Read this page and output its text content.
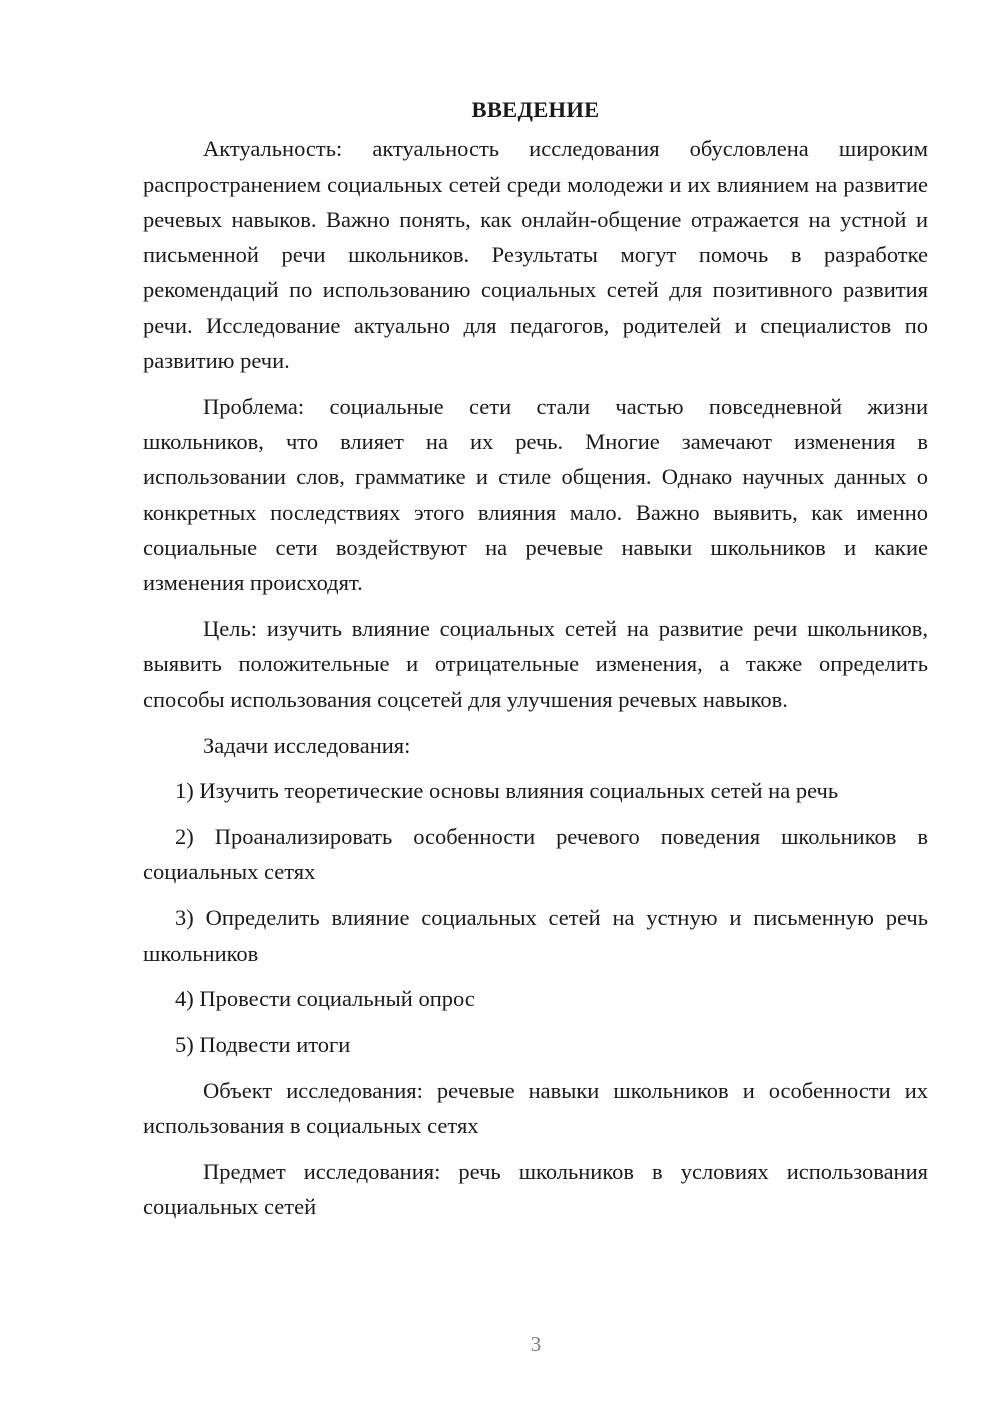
ВВЕДЕНИЕ

Актуальность: актуальность исследования обусловлена широким распространением социальных сетей среди молодежи и их влиянием на развитие речевых навыков. Важно понять, как онлайн-общение отражается на устной и письменной речи школьников. Результаты могут помочь в разработке рекомендаций по использованию социальных сетей для позитивного развития речи. Исследование актуально для педагогов, родителей и специалистов по развитию речи.

Проблема: социальные сети стали частью повседневной жизни школьников, что влияет на их речь. Многие замечают изменения в использовании слов, грамматике и стиле общения. Однако научных данных о конкретных последствиях этого влияния мало. Важно выявить, как именно социальные сети воздействуют на речевые навыки школьников и какие изменения происходят.

Цель: изучить влияние социальных сетей на развитие речи школьников, выявить положительные и отрицательные изменения, а также определить способы использования соцсетей для улучшения речевых навыков.

Задачи исследования:

1) Изучить теоретические основы влияния социальных сетей на речь

2) Проанализировать особенности речевого поведения школьников в социальных сетях

3) Определить влияние социальных сетей на устную и письменную речь школьников

4) Провести социальный опрос

5) Подвести итоги

Объект исследования: речевые навыки школьников и особенности их использования в социальных сетях

Предмет исследования: речь школьников в условиях использования социальных сетей

3
